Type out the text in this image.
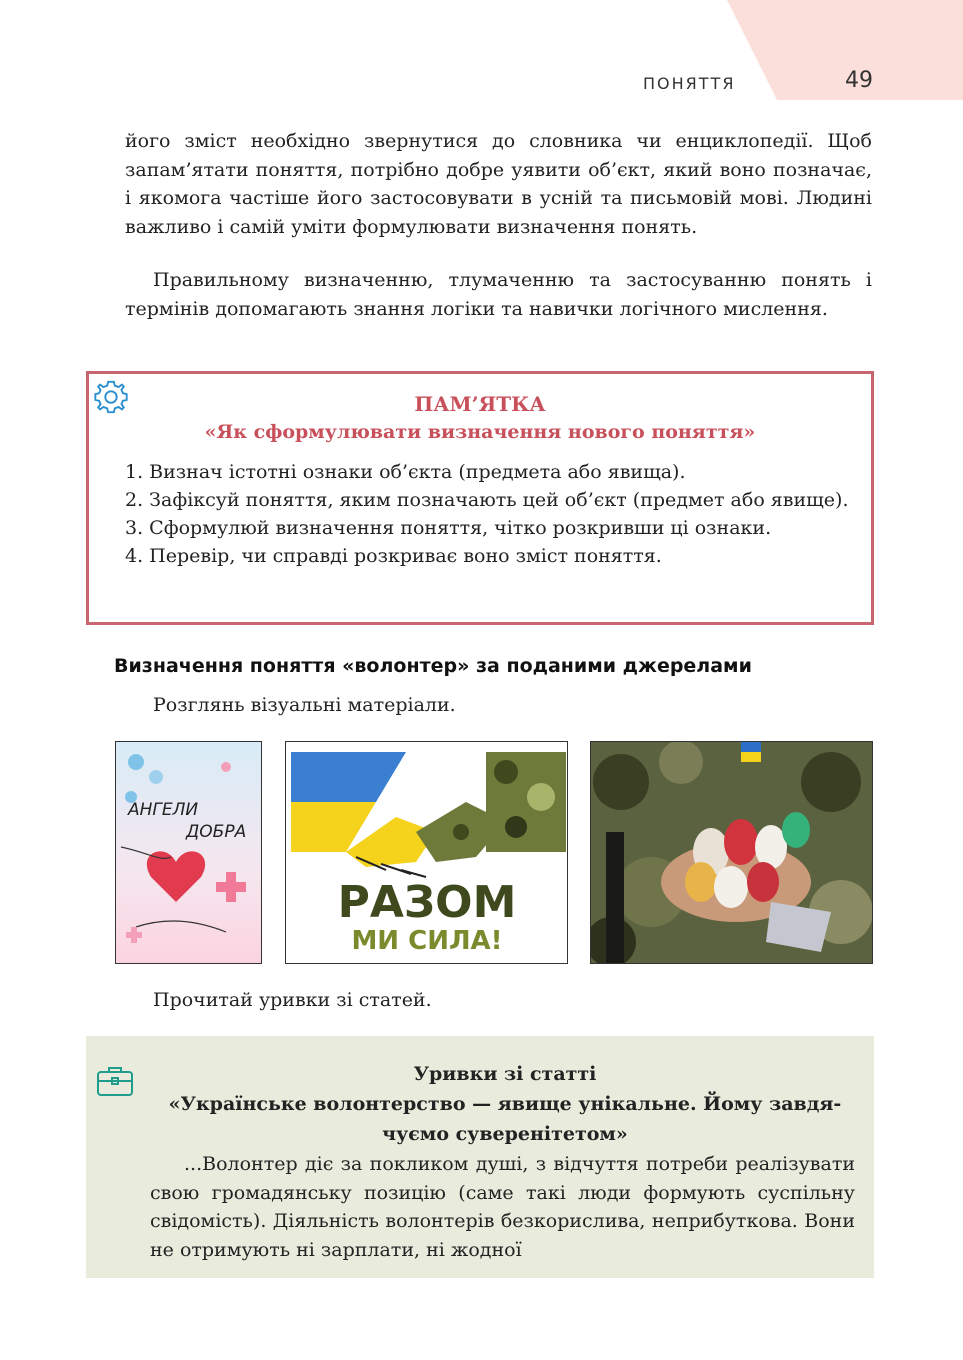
ПОНЯТТЯ	49

його зміст необхідно звернутися до словника чи енциклопедії. Щоб запам’ятати поняття, потрібно добре уявити об’єкт, який воно позначає, і якомога частіше його застосовувати в усній та письмовій мові. Людині важливо і самій уміти формулювати визначення понять.

Правильному визначенню, тлумаченню та застосуванню понять і термінів допомагають знання логіки та навички логічного мислення.

ПАМ’ЯТКА
«Як сформулювати визначення нового поняття»
1. Визнач істотні ознаки об’єкта (предмета або явища).
2. Зафіксуй поняття, яким позначають цей об’єкт (предмет або явище).
3. Сформулюй визначення поняття, чітко розкривши ці ознаки.
4. Перевір, чи справді розкриває воно зміст поняття.
Визначення поняття «волонтер» за поданими джерелами
Розглянь візуальні матеріали.
АНГЕЛИ
ДОБРА
РАЗОМ
МИ СИЛА!
Прочитай уривки зі статей.
Уривки зі статті
«Українське волонтерство — явище унікальне. Йому завдя-
чуємо суверенітетом»
...Волонтер діє за покликом душі, з відчуття потреби реалізувати свою громадянську позицію (саме такі люди формують суспільну свідомість). Діяльність волонтерів безкорислива, неприбуткова. Вони не отримують ні зарплати, ні жодної
